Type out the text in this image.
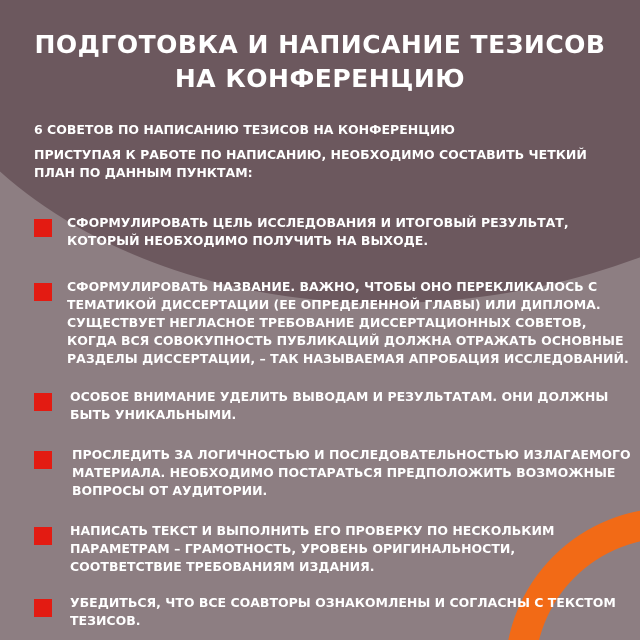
ПОДГОТОВКА И НАПИСАНИЕ ТЕЗИСОВ
НА КОНФЕРЕНЦИЮ
6 СОВЕТОВ ПО НАПИСАНИЮ ТЕЗИСОВ НА КОНФЕРЕНЦИЮ
ПРИСТУПАЯ К РАБОТЕ ПО НАПИСАНИЮ, НЕОБХОДИМО СОСТАВИТЬ ЧЕТКИЙ ПЛАН ПО ДАННЫМ ПУНКТАМ:
СФОРМУЛИРОВАТЬ ЦЕЛЬ ИССЛЕДОВАНИЯ И ИТОГОВЫЙ РЕЗУЛЬТАТ, КОТОРЫЙ НЕОБХОДИМО ПОЛУЧИТЬ НА ВЫХОДЕ.
СФОРМУЛИРОВАТЬ НАЗВАНИЕ. ВАЖНО, ЧТОБЫ ОНО ПЕРЕКЛИКАЛОСЬ С ТЕМАТИКОЙ ДИССЕРТАЦИИ (ЕЕ ОПРЕДЕЛЕННОЙ ГЛАВЫ) ИЛИ ДИПЛОМА. СУЩЕСТВУЕТ НЕГЛАСНОЕ ТРЕБОВАНИЕ ДИССЕРТАЦИОННЫХ СОВЕТОВ, КОГДА ВСЯ СОВОКУПНОСТЬ ПУБЛИКАЦИЙ ДОЛЖНА ОТРАЖАТЬ ОСНОВНЫЕ РАЗДЕЛЫ ДИССЕРТАЦИИ, – ТАК НАЗЫВАЕМАЯ АПРОБАЦИЯ ИССЛЕДОВАНИЙ.
ОСОБОЕ ВНИМАНИЕ УДЕЛИТЬ ВЫВОДАМ И РЕЗУЛЬТАТАМ. ОНИ ДОЛЖНЫ БЫТЬ УНИКАЛЬНЫМИ.
ПРОСЛЕДИТЬ ЗА ЛОГИЧНОСТЬЮ И ПОСЛЕДОВАТЕЛЬНОСТЬЮ ИЗЛАГАЕМОГО МАТЕРИАЛА. НЕОБХОДИМО ПОСТАРАТЬСЯ ПРЕДПОЛОЖИТЬ ВОЗМОЖНЫЕ ВОПРОСЫ ОТ АУДИТОРИИ.
НАПИСАТЬ ТЕКСТ И ВЫПОЛНИТЬ ЕГО ПРОВЕРКУ ПО НЕСКОЛЬКИМ ПАРАМЕТРАМ – ГРАМОТНОСТЬ, УРОВЕНЬ ОРИГИНАЛЬНОСТИ, СООТВЕТСТВИЕ ТРЕБОВАНИЯМ ИЗДАНИЯ.
УБЕДИТЬСЯ, ЧТО ВСЕ СОАВТОРЫ ОЗНАКОМЛЕНЫ И СОГЛАСНЫ С ТЕКСТОМ ТЕЗИСОВ.
